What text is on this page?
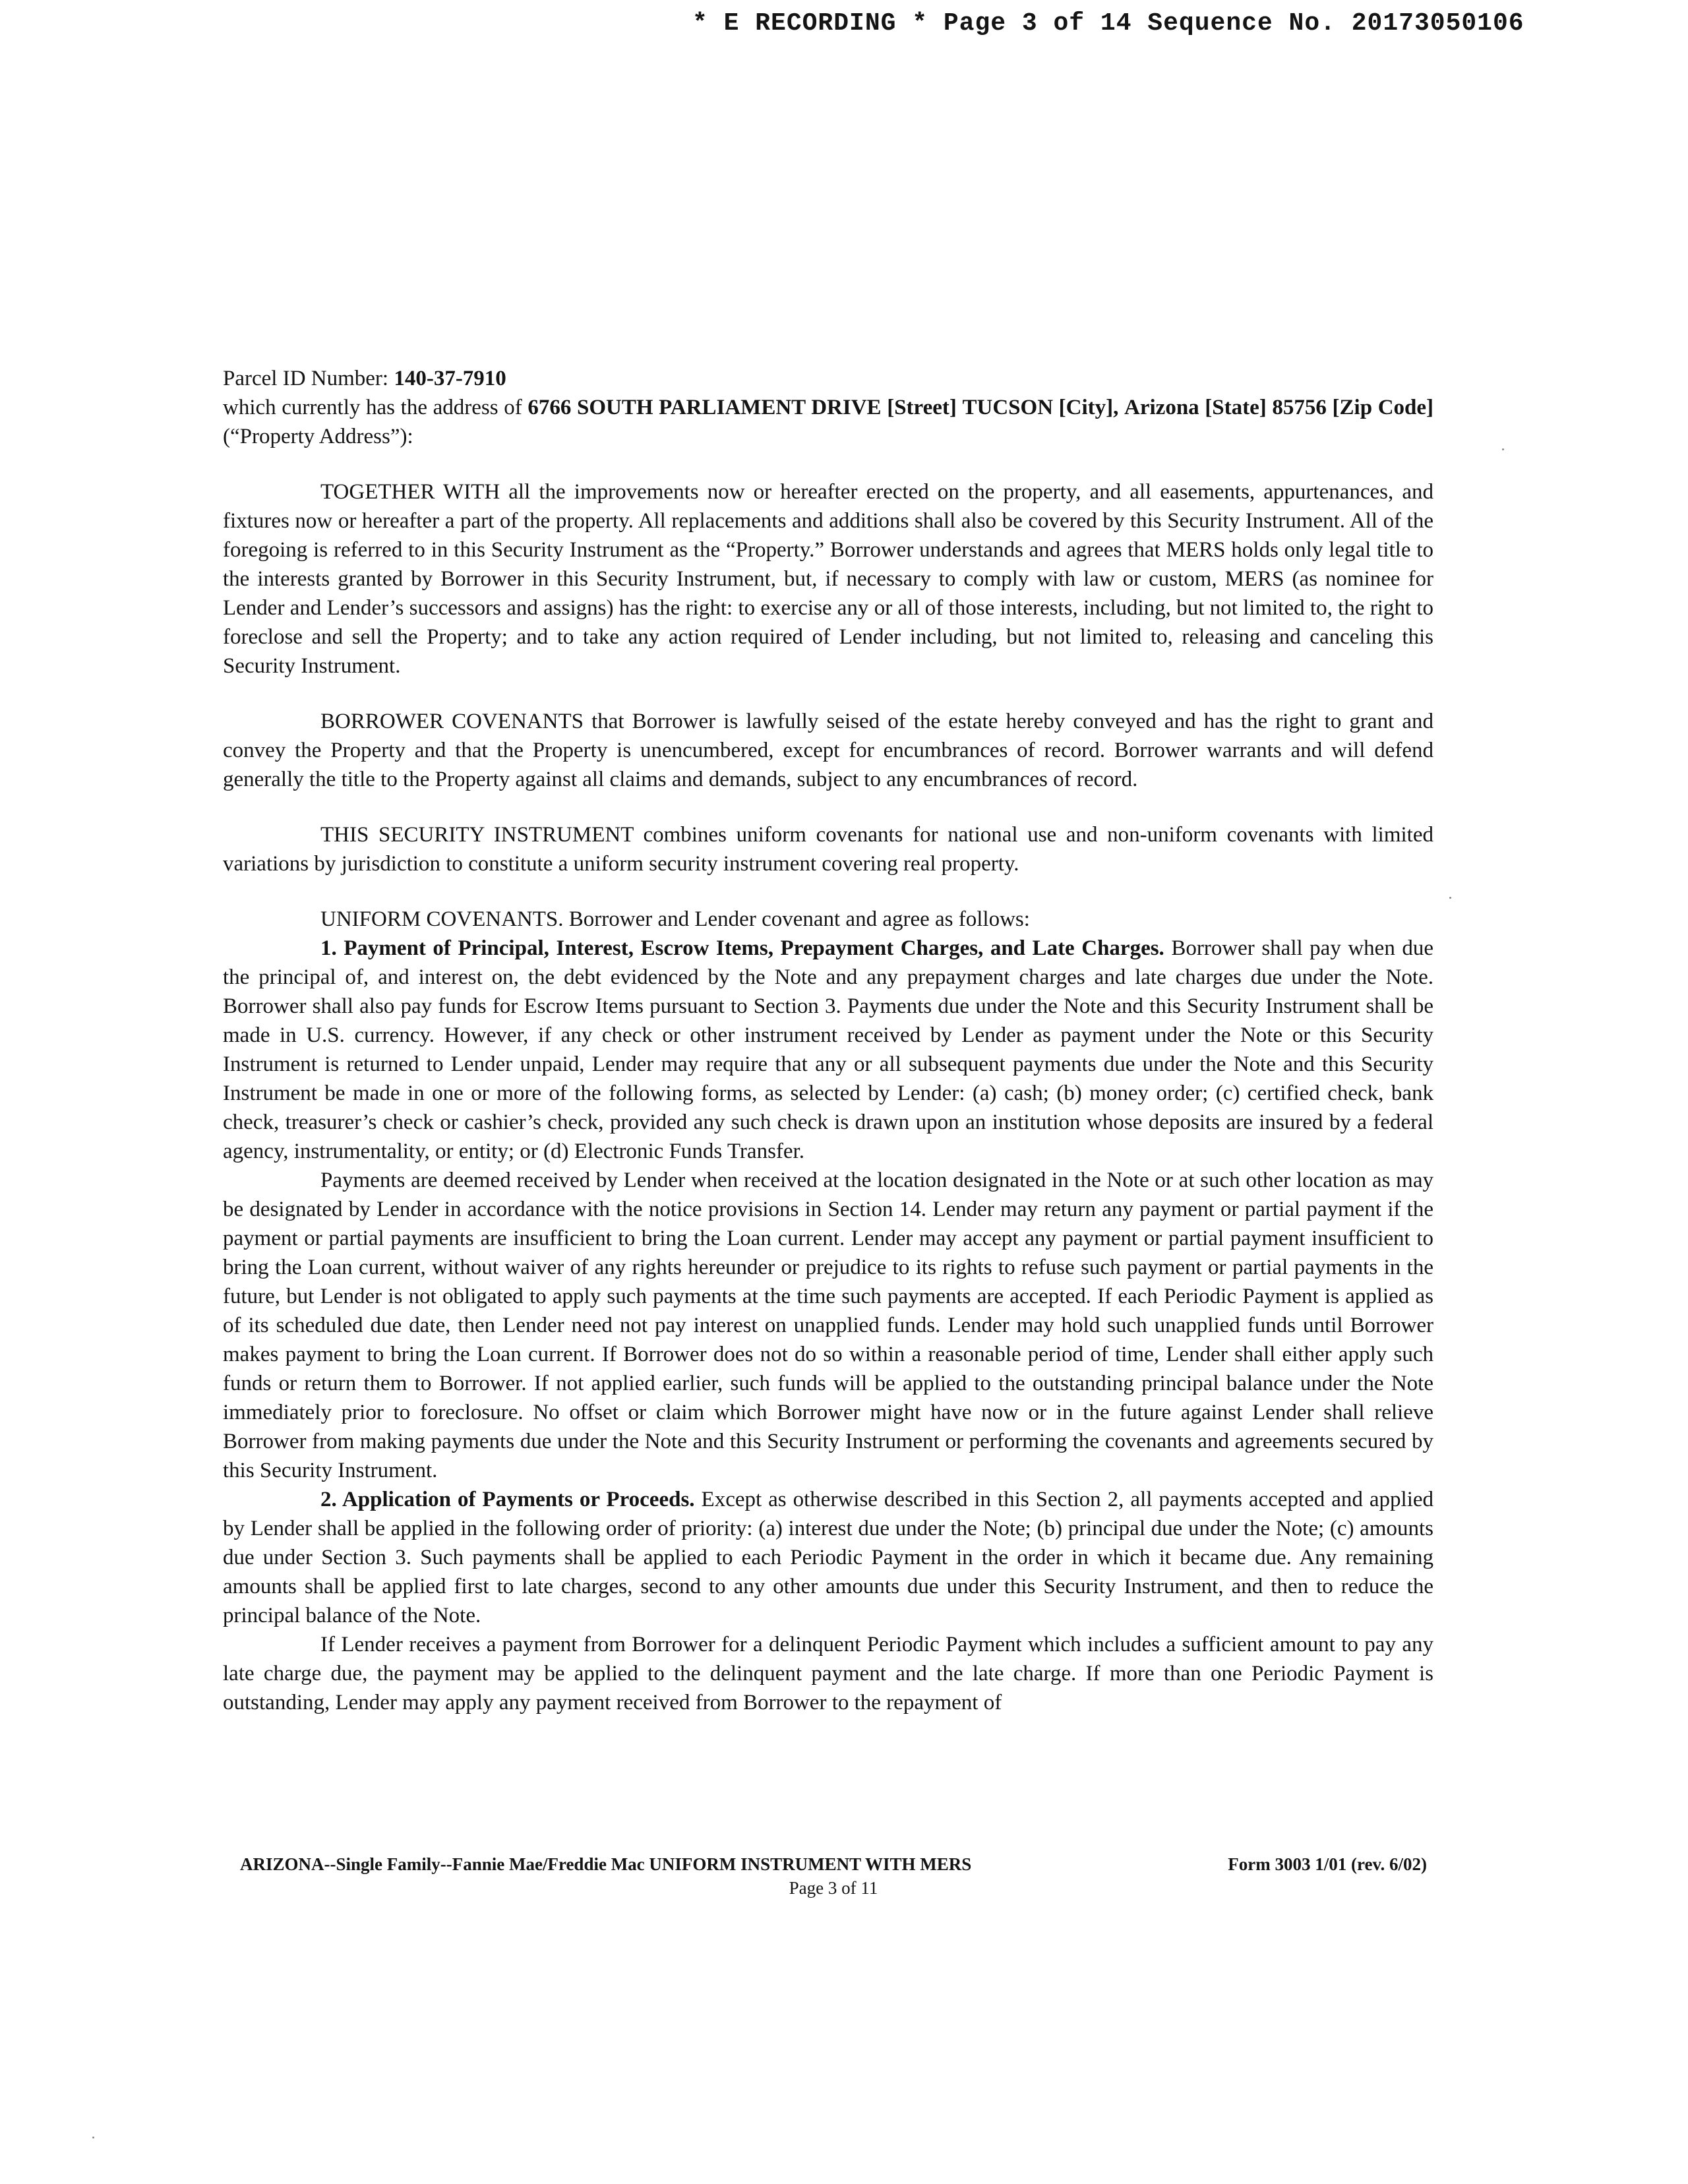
* E RECORDING * Page 3 of 14 Sequence No. 20173050106

Parcel ID Number: 140-37-7910

which currently has the address of 6766 SOUTH PARLIAMENT DRIVE [Street] TUCSON [City], Arizona [State] 85756 [Zip Code] (“Property Address”):

TOGETHER WITH all the improvements now or hereafter erected on the property, and all easements, appurtenances, and fixtures now or hereafter a part of the property. All replacements and additions shall also be covered by this Security Instrument. All of the foregoing is referred to in this Security Instrument as the “Property.” Borrower understands and agrees that MERS holds only legal title to the interests granted by Borrower in this Security Instrument, but, if necessary to comply with law or custom, MERS (as nominee for Lender and Lender’s successors and assigns) has the right: to exercise any or all of those interests, including, but not limited to, the right to foreclose and sell the Property; and to take any action required of Lender including, but not limited to, releasing and canceling this Security Instrument.

BORROWER COVENANTS that Borrower is lawfully seised of the estate hereby conveyed and has the right to grant and convey the Property and that the Property is unencumbered, except for encumbrances of record. Borrower warrants and will defend generally the title to the Property against all claims and demands, subject to any encumbrances of record.

THIS SECURITY INSTRUMENT combines uniform covenants for national use and non-uniform covenants with limited variations by jurisdiction to constitute a uniform security instrument covering real property.

UNIFORM COVENANTS. Borrower and Lender covenant and agree as follows:

1. Payment of Principal, Interest, Escrow Items, Prepayment Charges, and Late Charges. Borrower shall pay when due the principal of, and interest on, the debt evidenced by the Note and any prepayment charges and late charges due under the Note. Borrower shall also pay funds for Escrow Items pursuant to Section 3. Payments due under the Note and this Security Instrument shall be made in U.S. currency. However, if any check or other instrument received by Lender as payment under the Note or this Security Instrument is returned to Lender unpaid, Lender may require that any or all subsequent payments due under the Note and this Security Instrument be made in one or more of the following forms, as selected by Lender: (a) cash; (b) money order; (c) certified check, bank check, treasurer’s check or cashier’s check, provided any such check is drawn upon an institution whose deposits are insured by a federal agency, instrumentality, or entity; or (d) Electronic Funds Transfer.

Payments are deemed received by Lender when received at the location designated in the Note or at such other location as may be designated by Lender in accordance with the notice provisions in Section 14. Lender may return any payment or partial payment if the payment or partial payments are insufficient to bring the Loan current. Lender may accept any payment or partial payment insufficient to bring the Loan current, without waiver of any rights hereunder or prejudice to its rights to refuse such payment or partial payments in the future, but Lender is not obligated to apply such payments at the time such payments are accepted. If each Periodic Payment is applied as of its scheduled due date, then Lender need not pay interest on unapplied funds. Lender may hold such unapplied funds until Borrower makes payment to bring the Loan current. If Borrower does not do so within a reasonable period of time, Lender shall either apply such funds or return them to Borrower. If not applied earlier, such funds will be applied to the outstanding principal balance under the Note immediately prior to foreclosure. No offset or claim which Borrower might have now or in the future against Lender shall relieve Borrower from making payments due under the Note and this Security Instrument or performing the covenants and agreements secured by this Security Instrument.

2. Application of Payments or Proceeds. Except as otherwise described in this Section 2, all payments accepted and applied by Lender shall be applied in the following order of priority: (a) interest due under the Note; (b) principal due under the Note; (c) amounts due under Section 3. Such payments shall be applied to each Periodic Payment in the order in which it became due. Any remaining amounts shall be applied first to late charges, second to any other amounts due under this Security Instrument, and then to reduce the principal balance of the Note.

If Lender receives a payment from Borrower for a delinquent Periodic Payment which includes a sufficient amount to pay any late charge due, the payment may be applied to the delinquent payment and the late charge. If more than one Periodic Payment is outstanding, Lender may apply any payment received from Borrower to the repayment of

ARIZONA--Single Family--Fannie Mae/Freddie Mac UNIFORM INSTRUMENT WITH MERS	Form 3003 1/01 (rev. 6/02)
Page 3 of 11
